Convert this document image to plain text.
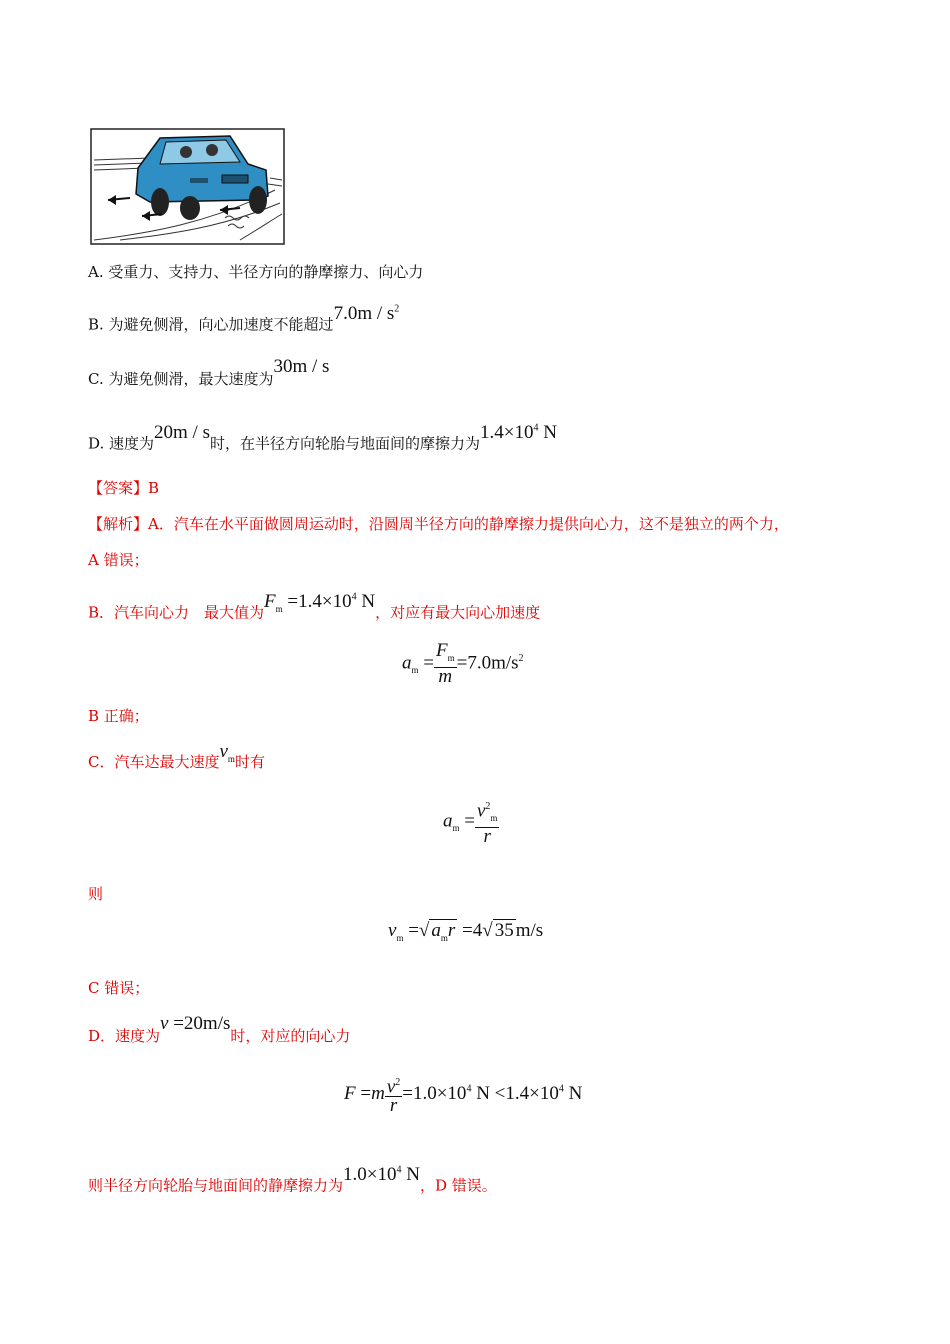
A. 受重力、支持力、半径方向的静摩擦力、向心力
B. 为避免侧滑，向心加速度不能超过$7.0m / s^2$
C. 为避免侧滑，最大速度为30m / s
D. 速度为20m / s时，在半径方向轮胎与地面间的摩擦力为$1.4\times 10^4$ N
【答案】B
【解析】A．汽车在水平面做圆周运动时，沿圆周半径方向的静摩擦力提供向心力，这不是独立的两个力，
A 错误；
B．汽车向心力　最大值为$F_m =1.4\times 10^4$ N，对应有最大向心加速度
$a_m = \frac{F_m}{m} =7.0m/s^2$
B 正确；
C．汽车达最大速度$v_m$时有
$a_m = \frac{v^2_m}{r}$
则
$v_m$ =√ $a_mr =4√$ 35 m/s
C 错误；
D．速度为v =20m/s时，对应的向心力
$F =m \frac{v^2}{r} =1.0\times 10^4$ $N <1.4\times 10^4$ N
则半径方向轮胎与地面间的静摩擦力为$1.0\times 10^4$ N，D 错误。
